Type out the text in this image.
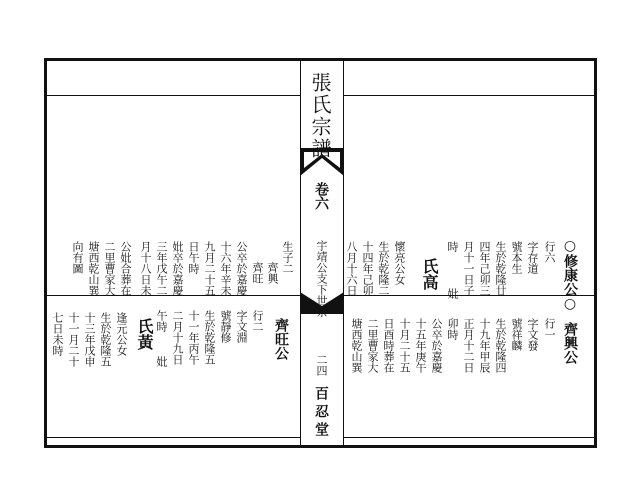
張氏宗譜
卷六
宇靖公支下世系
二四
百忍堂
○修康公○
齊興公
行六
字存道
號本生
生於乾隆廿
四年己卯三
月十一日子
時
妣
行一
字文發
號祥麟
生於乾隆四
十九年甲辰
正月十二日
卯時
氏高
懷亮公女
生於乾隆二
十四年己卯
八月十六日
公卒於嘉慶
十五年庚午
十月二十五
日酉時葬在
二里曹家大
塘西乾山巽
生子二
齊興
齊旺
齊旺公
行二
字文淵
號靜修
生於乾隆五
十一年丙午
二月十九日
午時
妣
公卒於嘉慶
十六年辛未
九月二十五
日午時
妣卒於嘉慶
三年戊午二
月十八日未
公妣合葬在
二里曹家大
塘西乾山巽
向有圖
氏黃
逢元公女
生於乾隆五
十三年戊申
十一月二十
七日未時
